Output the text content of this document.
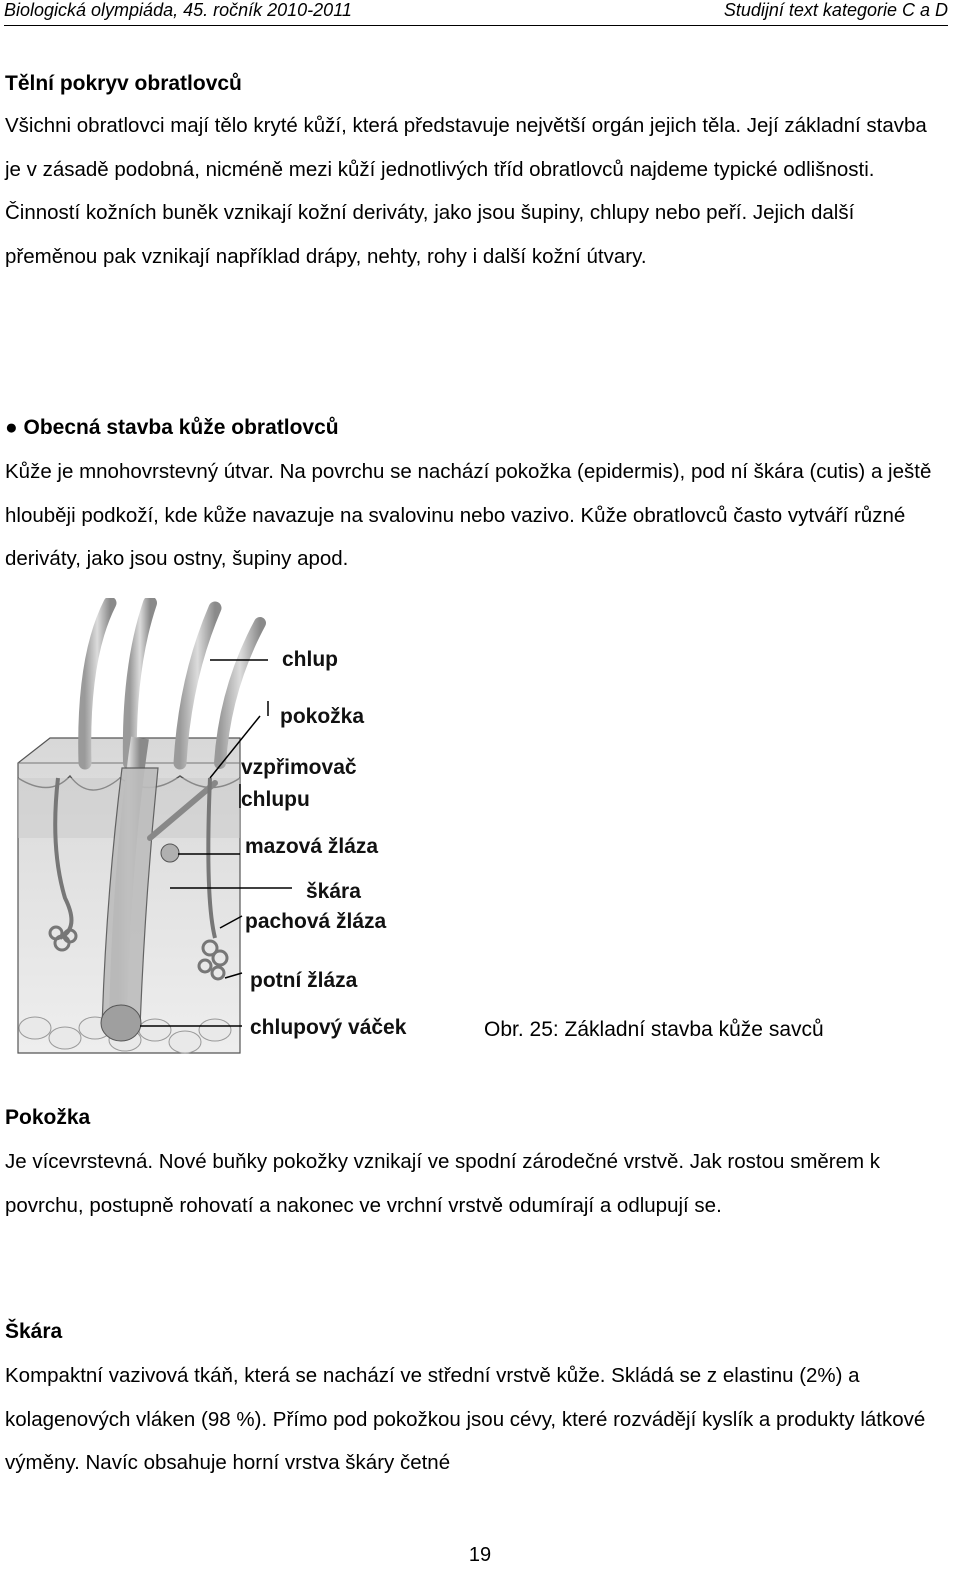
Biologická olympiáda, 45. ročník 2010-2011	Studijní text kategorie C a D
Tělní pokryv obratlovců
Všichni obratlovci mají tělo kryté kůží, která představuje největší orgán jejich těla. Její základní stavba je v zásadě podobná, nicméně mezi kůží jednotlivých tříd obratlovců najdeme typické odlišnosti. Činností kožních buněk vznikají kožní deriváty, jako jsou šupiny, chlupy nebo peří. Jejich další přeměnou pak vznikají například drápy, nehty, rohy i další kožní útvary.
● Obecná stavba kůže obratlovců
Kůže je mnohovrstevný útvar. Na povrchu se nachází pokožka (epidermis), pod ní škára (cutis) a ještě hlouběji podkoží, kde kůže navazuje na svalovinu nebo vazivo. Kůže obratlovců často vytváří různé deriváty, jako jsou ostny, šupiny apod.
chlup
pokožka
vzpřimovač
chlupu
mazová žláza
škára
pachová žláza
potní žláza
chlupový váček	Obr. 25: Základní stavba kůže savců
Pokožka
Je vícevrstevná. Nové buňky pokožky vznikají ve spodní zárodečné vrstvě. Jak rostou směrem k povrchu, postupně rohovatí a nakonec ve vrchní vrstvě odumírají a odlupují se.
Škára
Kompaktní vazivová tkáň, která se nachází ve střední vrstvě kůže. Skládá se z elastinu (2%) a kolagenových vláken (98 %). Přímo pod pokožkou jsou cévy, které rozvádějí kyslík a produkty látkové výměny. Navíc obsahuje horní vrstva škáry četné
19
